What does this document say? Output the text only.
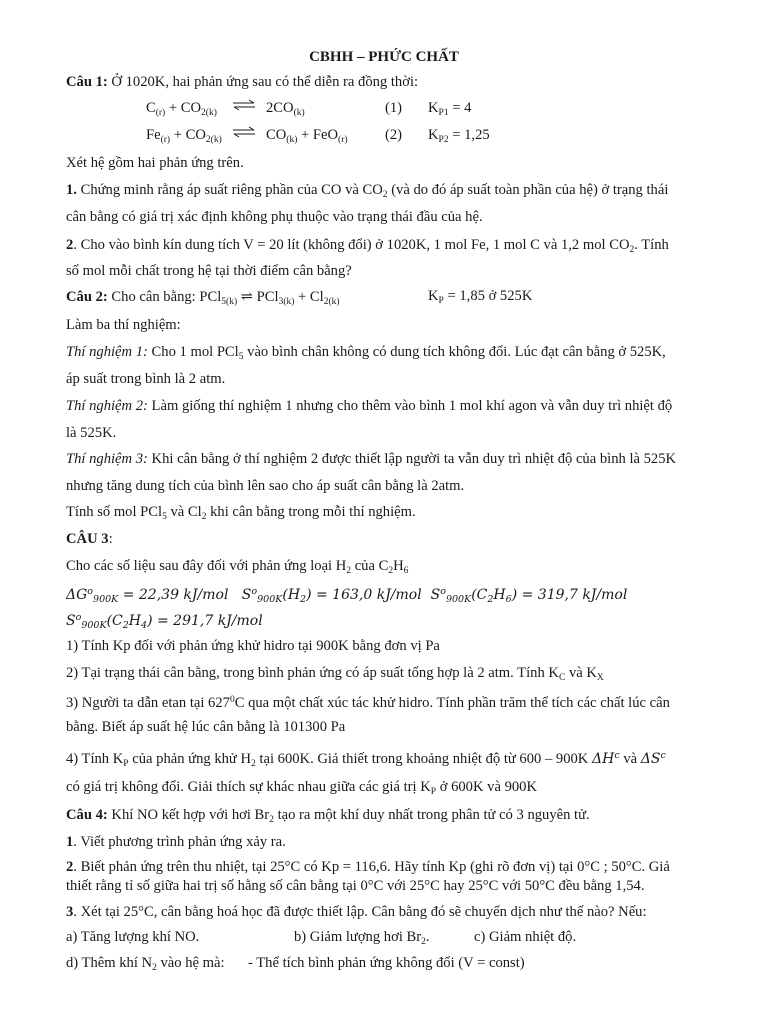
CBHH – PHỨC CHẤT
Câu 1: Ở 1020K, hai phản ứng sau có thể diễn ra đồng thời:
$C_{(r)} + CO_{2(k)}$ ⇌ $2CO_{(k)}$	(1) $K_{P1} = 4$
$Fe_{(r)} + CO_{2(k)}$ ⇌ $CO_{(k)} + FeO_{(r)}$	(2) $K_{P2} = 1,25$
Xét hệ gồm hai phản ứng trên.
1. Chứng minh rằng áp suất riêng phần của CO và $CO_2$ (và do đó áp suất toàn phần của hệ) ở trạng thái
cân bằng có giá trị xác định không phụ thuộc vào trạng thái đầu của hệ.
2. Cho vào bình kín dung tích V = 20 lít (không đổi) ở 1020K, 1 mol Fe, 1 mol C và 1,2 mol $CO_2$. Tính
số mol mỗi chất trong hệ tại thời điểm cân bằng?
Câu 2: Cho cân bằng: PCl$_{5(k)}$ ⇌ $PCl_{3(k)} + Cl_{2(k)}$	$K_P = 1,85$ ở 525K
Làm ba thí nghiệm:
Thí nghiệm 1: Cho 1 mol PCl$_5$ vào bình chân không có dung tích không đổi. Lúc đạt cân bằng ở 525K,
áp suất trong bình là 2 atm.
Thí nghiệm 2: Làm giống thí nghiệm 1 nhưng cho thêm vào bình 1 mol khí agon và vẫn duy trì nhiệt độ
là 525K.
Thí nghiệm 3: Khi cân bằng ở thí nghiệm 2 được thiết lập người ta vẫn duy trì nhiệt độ của bình là 525K
nhưng tăng dung tích của bình lên sao cho áp suất cân bằng là 2atm.
Tính số mol PCl$_5$ và $Cl_2$ khi cân bằng trong mỗi thí nghiệm.
CÂU 3:
Cho các số liệu sau đây đối với phản ứng loại $H_2$ của $C_2H_6$
$\Delta G^o_{900K} = 22,39$ kJ/mol   $S^o_{900K}(H_2) = 163,0$ kJ/mol  $S^o_{900K}(C_2H_6) = 319,7$ kJ/mol
$S^o_{900K}(C_2H_4) = 291,7$ kJ/mol
1) Tính Kp đối với phản ứng khử hidro tại 900K bằng đơn vị Pa
2) Tại trạng thái cân bằng, trong bình phản ứng có áp suất tổng hợp là 2 atm. Tính $K_C$ và $K_X$
3) Người ta dẫn etan tại $627^0C$ qua một chất xúc tác khử hidro. Tính phần trăm thể tích các chất lúc cân
bằng. Biết áp suất hệ lúc cân bằng là 101300 Pa
4) Tính $K_P$ của phản ứng khử $H_2$ tại 600K. Giả thiết trong khoảng nhiệt độ từ 600 – 900K $\Delta H^c$ và $\Delta S^c$
có giá trị không đổi. Giải thích sự khác nhau giữa các giá trị $K_P$ ở 600K và 900K
Câu 4: Khí NO kết hợp với hơi $Br_2$ tạo ra một khí duy nhất trong phân tử có 3 nguyên tử.
1. Viết phương trình phản ứng xảy ra.
2. Biết phản ứng trên thu nhiệt, tại 25°C có Kp = 116,6. Hãy tính Kp (ghi rõ đơn vị) tại 0°C ; 50°C. Giả
thiết rằng tỉ số giữa hai trị số hằng số cân bằng tại 0°C với 25°C hay 25°C với 50°C đều bằng 1,54.
3. Xét tại 25°C, cân bằng hoá học đã được thiết lập. Cân bằng đó sẽ chuyển dịch như thế nào? Nếu:
a) Tăng lượng khí NO.	b) Giảm lượng hơi $Br_2$.	c) Giảm nhiệt độ.
d) Thêm khí $N_2$ vào hệ mà: - Thể tích bình phản ứng không đổi (V = const)
